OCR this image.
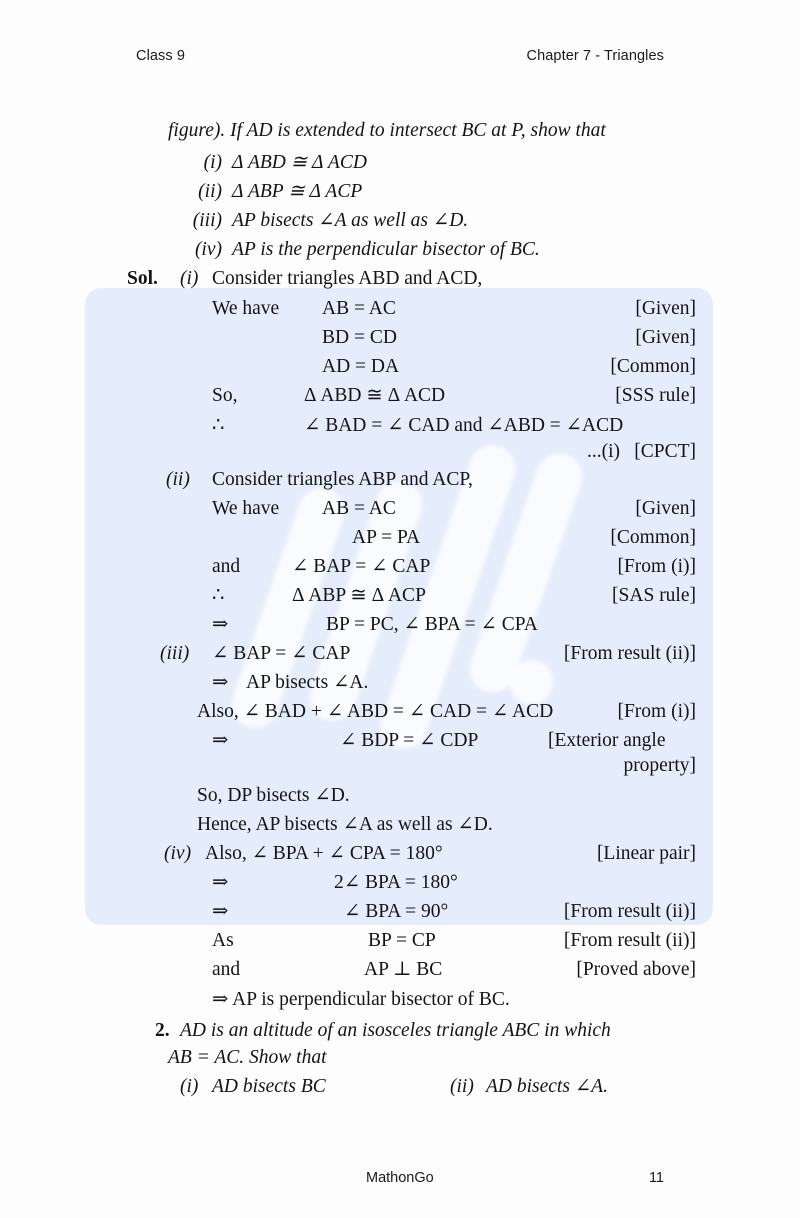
Class 9	Chapter 7 - Triangles
figure). If AD is extended to intersect BC at P, show that
(i) Δ ABD ≅ Δ ACD
(ii) Δ ABP ≅ Δ ACP
(iii) AP bisects ∠A as well as ∠D.
(iv) AP is the perpendicular bisector of BC.
Sol. (i) Consider triangles ABD and ACD,
We have AB = AC	[Given]
BD = CD	[Given]
AD = DA	[Common]
So,	Δ ABD ≅ Δ ACD	[SSS rule]
∴	∠ BAD = ∠ CAD and ∠ABD = ∠ACD
...(i) [CPCT]
(ii) Consider triangles ABP and ACP,
We have AB = AC	[Given]
AP = PA	[Common]
and	∠ BAP = ∠ CAP	[From (i)]
∴	Δ ABP ≅ Δ ACP	[SAS rule]
⇒	BP = PC, ∠ BPA = ∠ CPA
(iii) ∠ BAP = ∠ CAP	[From result (ii)]
⇒ AP bisects ∠A.
Also, ∠ BAD + ∠ ABD = ∠ CAD = ∠ ACD	[From (i)]
⇒	∠ BDP = ∠ CDP	[Exterior angle
property]
So, DP bisects ∠D.
Hence, AP bisects ∠A as well as ∠D.
(iv) Also, ∠ BPA + ∠ CPA = 180°	[Linear pair]
⇒	2∠ BPA = 180°
⇒	∠ BPA = 90°	[From result (ii)]
As	BP = CP	[From result (ii)]
and	AP ⊥ BC	[Proved above]
⇒ AP is perpendicular bisector of BC.
2. AD is an altitude of an isosceles triangle ABC in which
AB = AC. Show that
(i) AD bisects BC	(ii) AD bisects ∠A.
MathonGo	11
